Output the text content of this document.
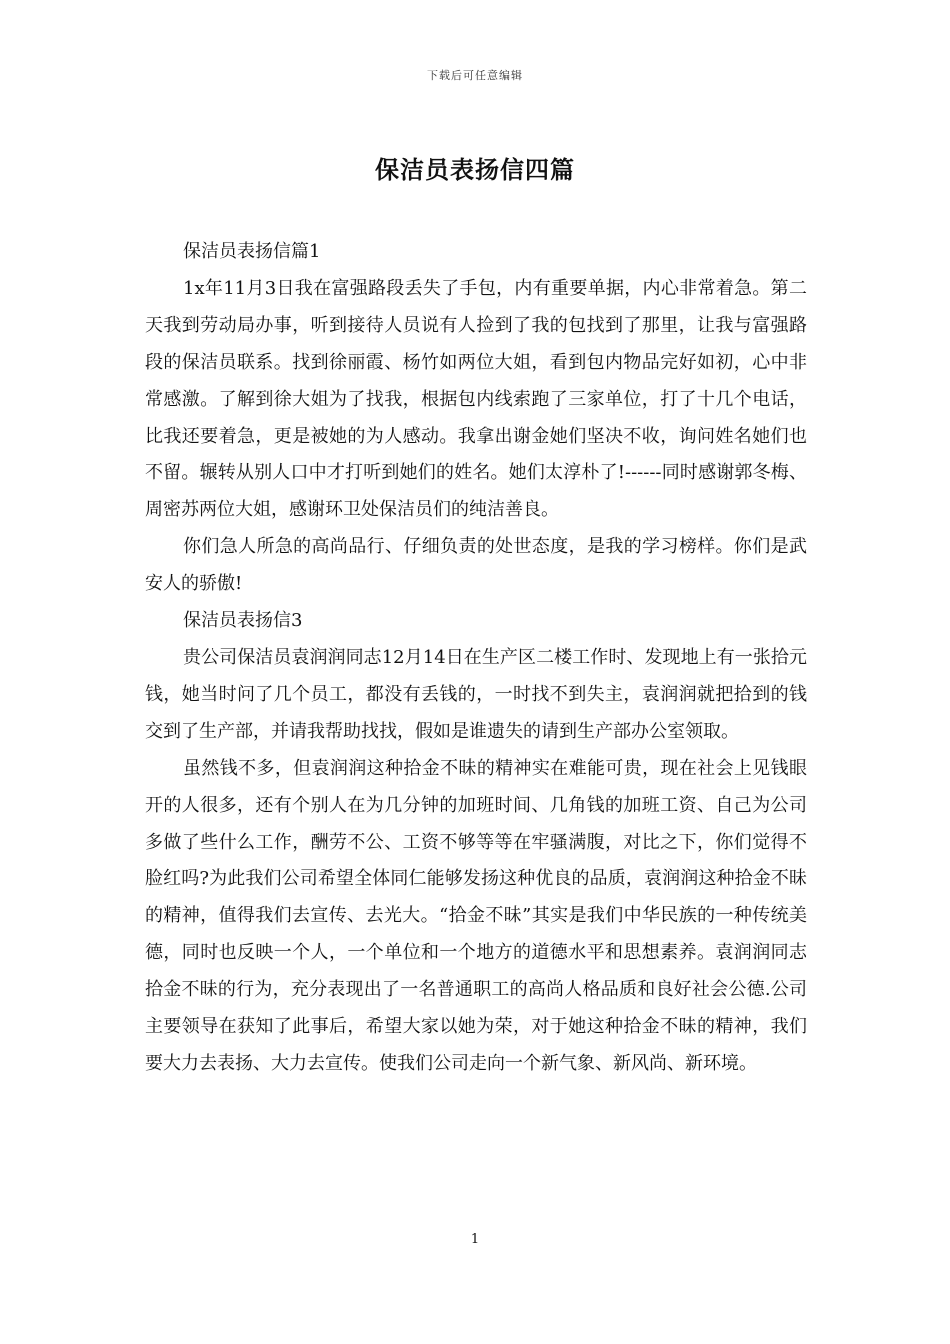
下载后可任意编辑
保洁员表扬信四篇

保洁员表扬信篇1

1x年11月3日我在富强路段丢失了手包，内有重要单据，内心非常着急。第二天我到劳动局办事，听到接待人员说有人捡到了我的包找到了那里，让我与富强路段的保洁员联系。找到徐丽霞、杨竹如两位大姐，看到包内物品完好如初，心中非常感激。了解到徐大姐为了找我，根据包内线索跑了三家单位，打了十几个电话，比我还要着急，更是被她的为人感动。我拿出谢金她们坚决不收，询问姓名她们也不留。辗转从别人口中才打听到她们的姓名。她们太淳朴了!------同时感谢郭冬梅、周密苏两位大姐，感谢环卫处保洁员们的纯洁善良。

你们急人所急的高尚品行、仔细负责的处世态度，是我的学习榜样。你们是武安人的骄傲!

保洁员表扬信3

贵公司保洁员袁润润同志12月14日在生产区二楼工作时、发现地上有一张拾元钱，她当时问了几个员工，都没有丢钱的，一时找不到失主，袁润润就把拾到的钱交到了生产部，并请我帮助找找，假如是谁遗失的请到生产部办公室领取。

虽然钱不多，但袁润润这种拾金不昧的精神实在难能可贵，现在社会上见钱眼开的人很多，还有个别人在为几分钟的加班时间、几角钱的加班工资、自己为公司多做了些什么工作，酬劳不公、工资不够等等在牢骚满腹，对比之下，你们觉得不脸红吗?为此我们公司希望全体同仁能够发扬这种优良的品质，袁润润这种拾金不昧的精神，值得我们去宣传、去光大。“拾金不昧”其实是我们中华民族的一种传统美德，同时也反映一个人，一个单位和一个地方的道德水平和思想素养。袁润润同志拾金不昧的行为，充分表现出了一名普通职工的高尚人格品质和良好社会公德.公司主要领导在获知了此事后，希望大家以她为荣，对于她这种拾金不昧的精神，我们要大力去表扬、大力去宣传。使我们公司走向一个新气象、新风尚、新环境。

1
